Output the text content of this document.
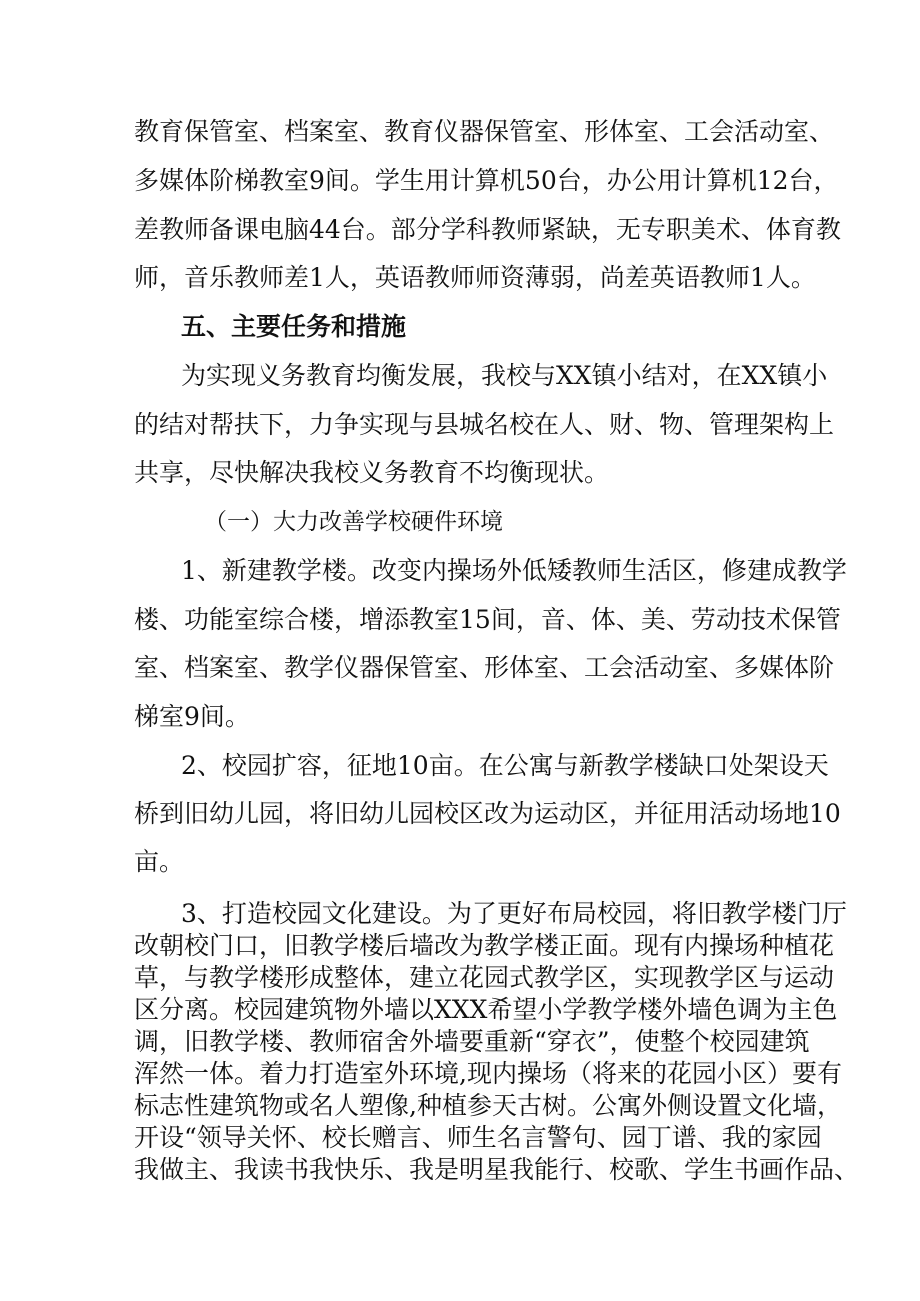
教育保管室、档案室、教育仪器保管室、形体室、工会活动室、
多媒体阶梯教室9间。学生用计算机50台，办公用计算机12台，
差教师备课电脑44台。部分学科教师紧缺，无专职美术、体育教
师，音乐教师差1人，英语教师师资薄弱，尚差英语教师1人。
五、主要任务和措施
为实现义务教育均衡发展，我校与XX镇小结对，在XX镇小
的结对帮扶下，力争实现与县城名校在人、财、物、管理架构上
共享，尽快解决我校义务教育不均衡现状。
（一）大力改善学校硬件环境
1、新建教学楼。改变内操场外低矮教师生活区，修建成教学
楼、功能室综合楼，增添教室15间，音、体、美、劳动技术保管
室、档案室、教学仪器保管室、形体室、工会活动室、多媒体阶
梯室9间。
2、校园扩容，征地10亩。在公寓与新教学楼缺口处架设天
桥到旧幼儿园，将旧幼儿园校区改为运动区，并征用活动场地10
亩。
3、打造校园文化建设。为了更好布局校园，将旧教学楼门厅
改朝校门口，旧教学楼后墙改为教学楼正面。现有内操场种植花
草，与教学楼形成整体，建立花园式教学区，实现教学区与运动
区分离。校园建筑物外墙以XXX希望小学教学楼外墙色调为主色
调，旧教学楼、教师宿舍外墙要重新“穿衣”，使整个校园建筑
浑然一体。着力打造室外环境,现内操场（将来的花园小区）要有
标志性建筑物或名人塑像,种植参天古树。公寓外侧设置文化墙，
开设“领导关怀、校长赠言、师生名言警句、园丁谱、我的家园
我做主、我读书我快乐、我是明星我能行、校歌、学生书画作品、
